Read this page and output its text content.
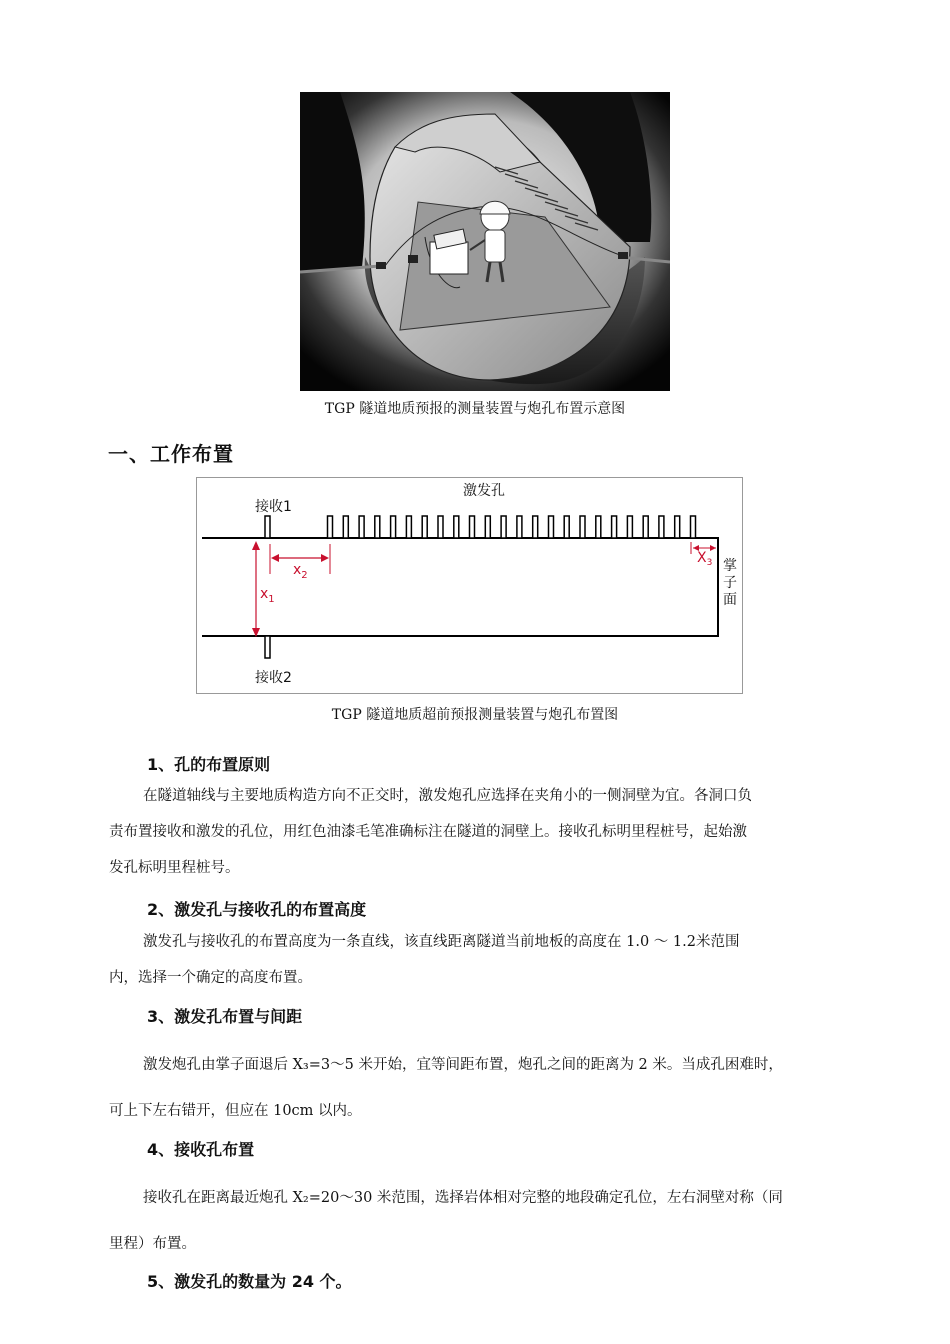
TGP 隧道地质预报的测量装置与炮孔布置示意图
一、工作布置
激发孔
接收1
接收2
$x_1$
$x_2$
$X_3$ 掌子面
TGP 隧道地质超前预报测量装置与炮孔布置图
1、孔的布置原则
在隧道轴线与主要地质构造方向不正交时，激发炮孔应选择在夹角小的一侧洞壁为宜。各洞口负
责布置接收和激发的孔位，用红色油漆毛笔准确标注在隧道的洞壁上。接收孔标明里程桩号，起始激
发孔标明里程桩号。
2、激发孔与接收孔的布置高度
激发孔与接收孔的布置高度为一条直线，该直线距离隧道当前地板的高度在 1.0 ～ 1.2米范围
内，选择一个确定的高度布置。
3、激发孔布置与间距
激发炮孔由掌子面退后 X₃=3～5 米开始，宜等间距布置，炮孔之间的距离为 2 米。当成孔困难时，
可上下左右错开，但应在 10cm 以内。
4、接收孔布置
接收孔在距离最近炮孔 X₂=20～30 米范围，选择岩体相对完整的地段确定孔位，左右洞壁对称（同
里程）布置。
5、激发孔的数量为 24 个。
